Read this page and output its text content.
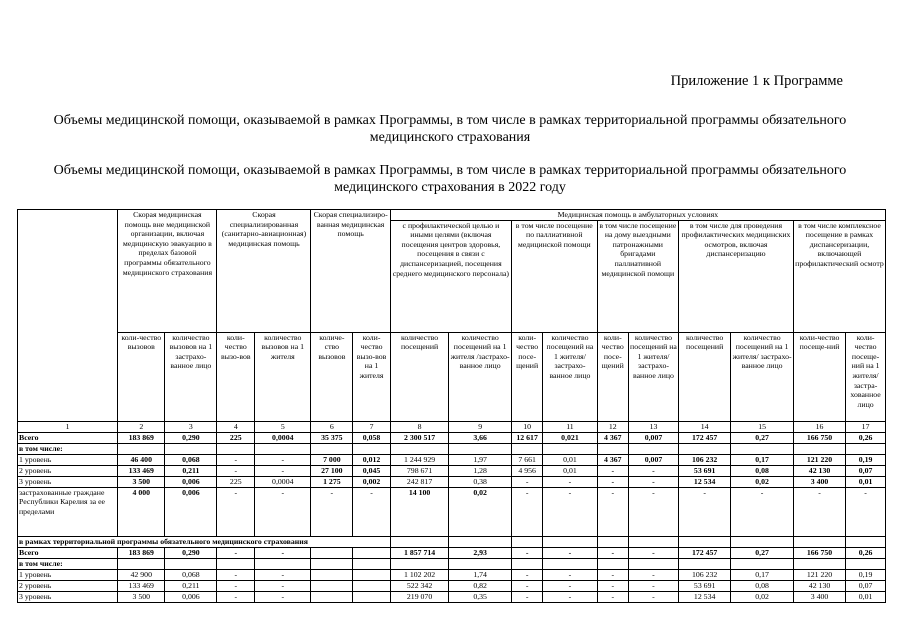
Приложение 1 к Программе
Объемы медицинской помощи, оказываемой в рамках Программы, в том числе в рамках территориальной программы обязательного медицинского страхования
Объемы медицинской помощи, оказываемой в рамках Программы, в том числе в рамках территориальной программы обязательного медицинского страхования в 2022 году
	Скорая медицинская помощь вне медицинской организации, включая медицинскую эвакуацию в пределах базовой программы обязательного медицинского страхования		Скорая специализированная (санитарно-авиационная) медицинская помощь		Скорая специализиро-ванная медицинская помощь		Медицинская помощь в амбулаторных условиях									
							с профилактической целью и иными целями (включая посещения центров здоровья, посещения в связи с диспансеризацией, посещения среднего медицинского персонала)		в том числе посещение по паллиативной медицинской помощи		в том числе посещение на дому выездными патронажными бригадами паллиативной медицинской помощи		в том числе для проведения профилактических медицинских осмотров, включая диспансеризацию		в том числе комплексное посещение в рамках диспансеризации, включающей профилактический осмотр	
	коли-чество вызовов	количество вызовов на 1 застрахо-ванное лицо	коли-чество вызо-вов	количество вызовов на 1 жителя	количе-ство вызовов	коли-чество вызо-вов на 1 жителя	количество посещений	количество посещений на 1 жителя /застрахо-ванное лицо	коли-чество посе-щений	количество посещений на 1 жителя/ застрахо-ванное лицо	коли-чество посе-щений	количество посещений на 1 жителя/ застрахо-ванное лицо	количество посещений	количество посещений на 1 жителя/ застрахо-ванное лицо	коли-чество посеще-ний	коли-чество посеще-ний на 1 жителя/ застра-хованное лицо
1	2	3	4	5	6	7	8	9	10	11	12	13	14	15	16	17
Всего	183 869	0,290	225	0,0004	35 375	0,058	2 300 517	3,66	12 617	0,021	4 367	0,007	172 457	0,27	166 750	0,26
в том числе:																
1 уровень	46 400	0,068	-	-	7 000	0,012	1 244 929	1,97	7 661	0,01	4 367	0,007	106 232	0,17	121 220	0,19
2 уровень	133 469	0,211	-	-	27 100	0,045	798 671	1,28	4 956	0,01	-	-	53 691	0,08	42 130	0,07
3 уровень	3 500	0,006	225	0,0004	1 275	0,002	242 817	0,38	-	-	-	-	12 534	0,02	3 400	0,01
застрахованные граждане Республики Карелия за ее пределами	4 000	0,006	-	-	-	-	14 100	0,02	-	-	-	-	-	-	-	-
в рамках территориальной программы обязательного медицинского страхования																
Всего	183 869	0,290	-	-			1 857 714	2,93	-	-	-	-	172 457	0,27	166 750	0,26
в том числе:																
1 уровень	42 900	0,068	-	-			1 102 202	1,74	-	-	-	-	106 232	0,17	121 220	0,19
2 уровень	133 469	0,211	-	-			522 342	0,82	-	-	-	-	53 691	0,08	42 130	0,07
3 уровень	3 500	0,006	-	-			219 070	0,35	-	-	-	-	12 534	0,02	3 400	0,01
